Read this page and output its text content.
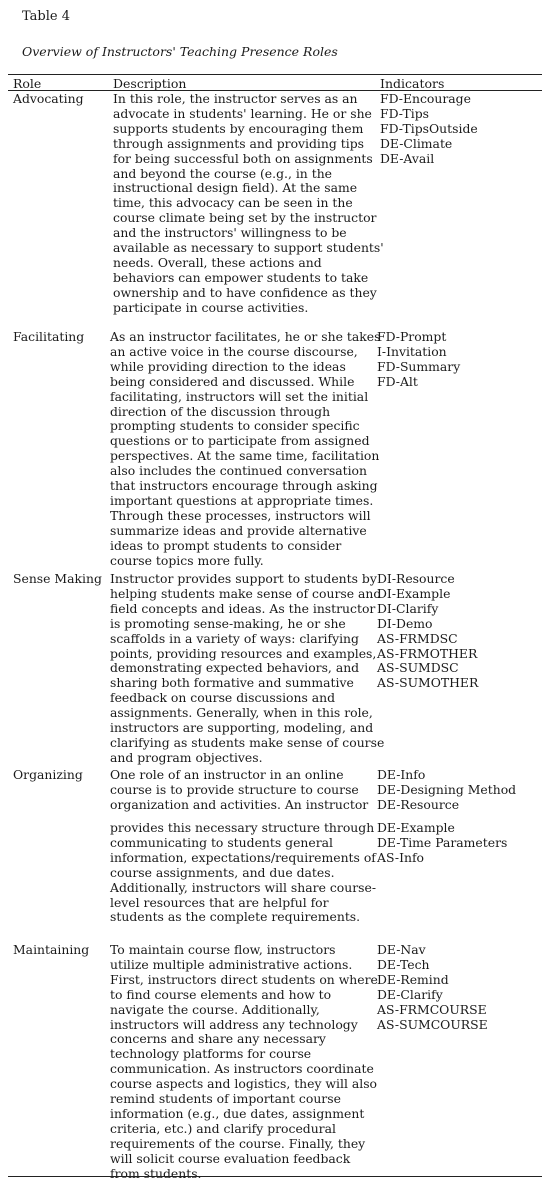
Table 4
Overview of Instructors' Teaching Presence Roles
Role	Description	Indicators
Advocating In this role, the instructor serves as an
advocate in students' learning. He or she
supports students by encouraging them
through assignments and providing tips
for being successful both on assignments
and beyond the course (e.g., in the
instructional design field). At the same
time, this advocacy can be seen in the
course climate being set by the instructor
and the instructors' willingness to be
available as necessary to support students'
needs. Overall, these actions and
behaviors can empower students to take
ownership and to have confidence as they
participate in course activities.
FD-Encourage
FD-Tips
FD-TipsOutside
DE-Climate
DE-Avail
Facilitating As an instructor facilitates, he or she takes
an active voice in the course discourse,
while providing direction to the ideas
being considered and discussed. While
facilitating, instructors will set the initial
direction of the discussion through
prompting students to consider specific
questions or to participate from assigned
perspectives. At the same time, facilitation
also includes the continued conversation
that instructors encourage through asking
important questions at appropriate times.
Through these processes, instructors will
summarize ideas and provide alternative
ideas to prompt students to consider
course topics more fully.
FD-Prompt
I-Invitation
FD-Summary
FD-Alt
Sense Making Instructor provides support to students by
helping students make sense of course and
field concepts and ideas. As the instructor
is promoting sense-making, he or she
scaffolds in a variety of ways: clarifying
points, providing resources and examples,
demonstrating expected behaviors, and
sharing both formative and summative
feedback on course discussions and
assignments. Generally, when in this role,
instructors are supporting, modeling, and
clarifying as students make sense of course
and program objectives.
DI-Resource
DI-Example
DI-Clarify
DI-Demo
AS-FRMDSC
AS-FRMOTHER
AS-SUMDSC
AS-SUMOTHER
Organizing One role of an instructor in an online
course is to provide structure to course
organization and activities. An instructor
DE-Info
DE-Designing Method
DE-Resource
provides this necessary structure through
communicating to students general
information, expectations/requirements of
course assignments, and due dates.
Additionally, instructors will share course-
level resources that are helpful for
students as the complete requirements.
DE-Example
DE-Time Parameters
AS-Info
Maintaining To maintain course flow, instructors
utilize multiple administrative actions.
First, instructors direct students on where
to find course elements and how to
navigate the course. Additionally,
instructors will address any technology
concerns and share any necessary
technology platforms for course
communication. As instructors coordinate
course aspects and logistics, they will also
remind students of important course
information (e.g., due dates, assignment
criteria, etc.) and clarify procedural
requirements of the course. Finally, they
will solicit course evaluation feedback
from students.
DE-Nav
DE-Tech
DE-Remind
DE-Clarify
AS-FRMCOURSE
AS-SUMCOURSE
